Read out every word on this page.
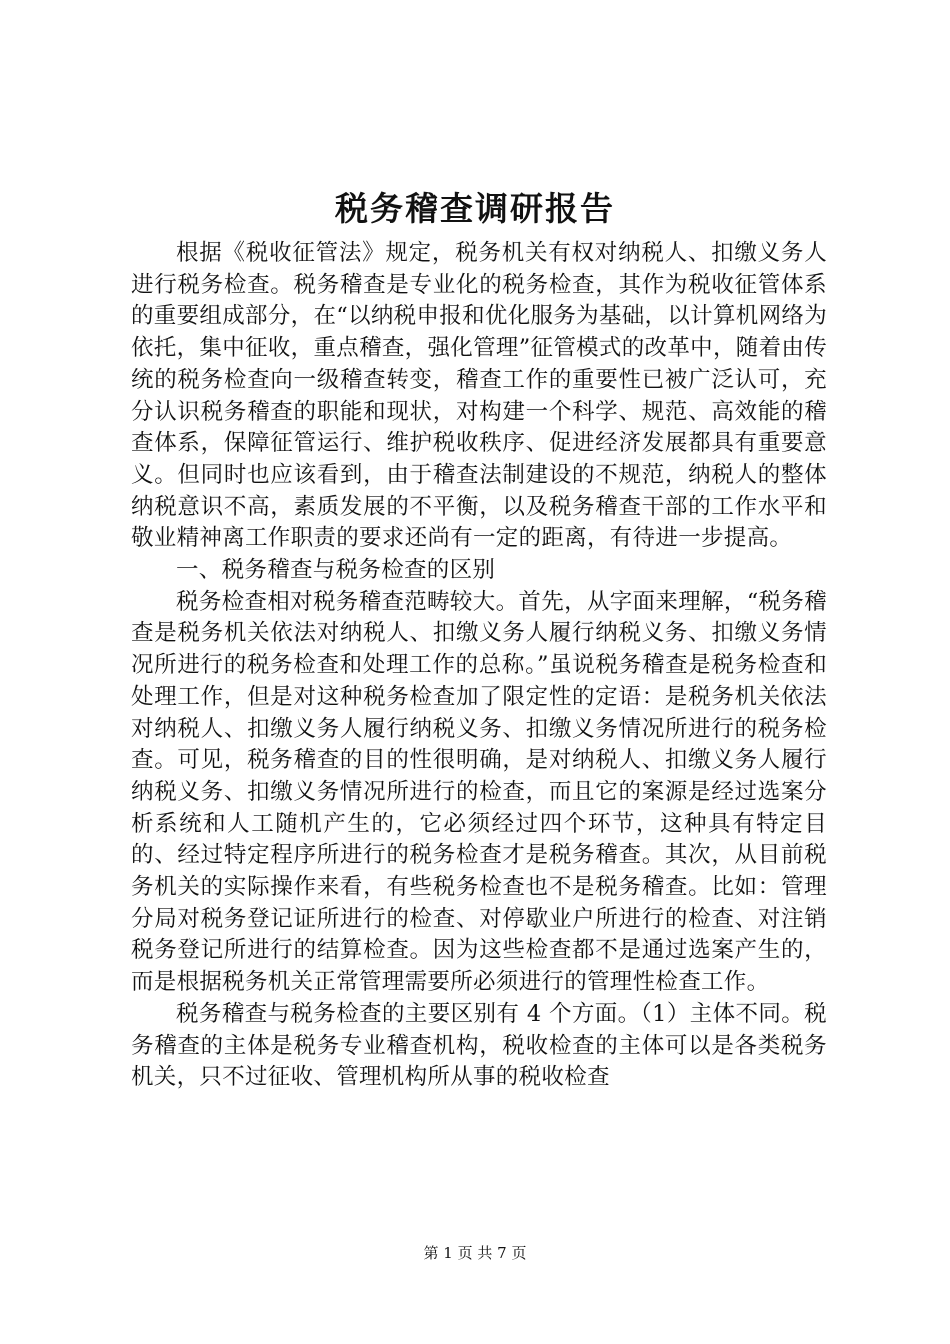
税务稽查调研报告

根据《税收征管法》规定，税务机关有权对纳税人、扣缴义务人进行税务检查。税务稽查是专业化的税务检查，其作为税收征管体系的重要组成部分，在“以纳税申报和优化服务为基础，以计算机网络为依托，集中征收，重点稽查，强化管理”征管模式的改革中，随着由传统的税务检查向一级稽查转变，稽查工作的重要性已被广泛认可，充分认识税务稽查的职能和现状，对构建一个科学、规范、高效能的稽查体系，保障征管运行、维护税收秩序、促进经济发展都具有重要意义。但同时也应该看到，由于稽查法制建设的不规范，纳税人的整体纳税意识不高，素质发展的不平衡，以及税务稽查干部的工作水平和敬业精神离工作职责的要求还尚有一定的距离，有待进一步提高。

一、税务稽查与税务检查的区别

税务检查相对税务稽查范畴较大。首先，从字面来理解，“税务稽查是税务机关依法对纳税人、扣缴义务人履行纳税义务、扣缴义务情况所进行的税务检查和处理工作的总称。”虽说税务稽查是税务检查和处理工作，但是对这种税务检查加了限定性的定语：是税务机关依法对纳税人、扣缴义务人履行纳税义务、扣缴义务情况所进行的税务检查。可见，税务稽查的目的性很明确，是对纳税人、扣缴义务人履行纳税义务、扣缴义务情况所进行的检查，而且它的案源是经过选案分析系统和人工随机产生的，它必须经过四个环节，这种具有特定目的、经过特定程序所进行的税务检查才是税务稽查。其次，从目前税务机关的实际操作来看，有些税务检查也不是税务稽查。比如：管理分局对税务登记证所进行的检查、对停歇业户所进行的检查、对注销税务登记所进行的结算检查。因为这些检查都不是通过选案产生的，而是根据税务机关正常管理需要所必须进行的管理性检查工作。

税务稽查与税务检查的主要区别有 4 个方面。（1）主体不同。税务稽查的主体是税务专业稽查机构，税收检查的主体可以是各类税务机关，只不过征收、管理机构所从事的税收检查

第 1 页 共 7 页
